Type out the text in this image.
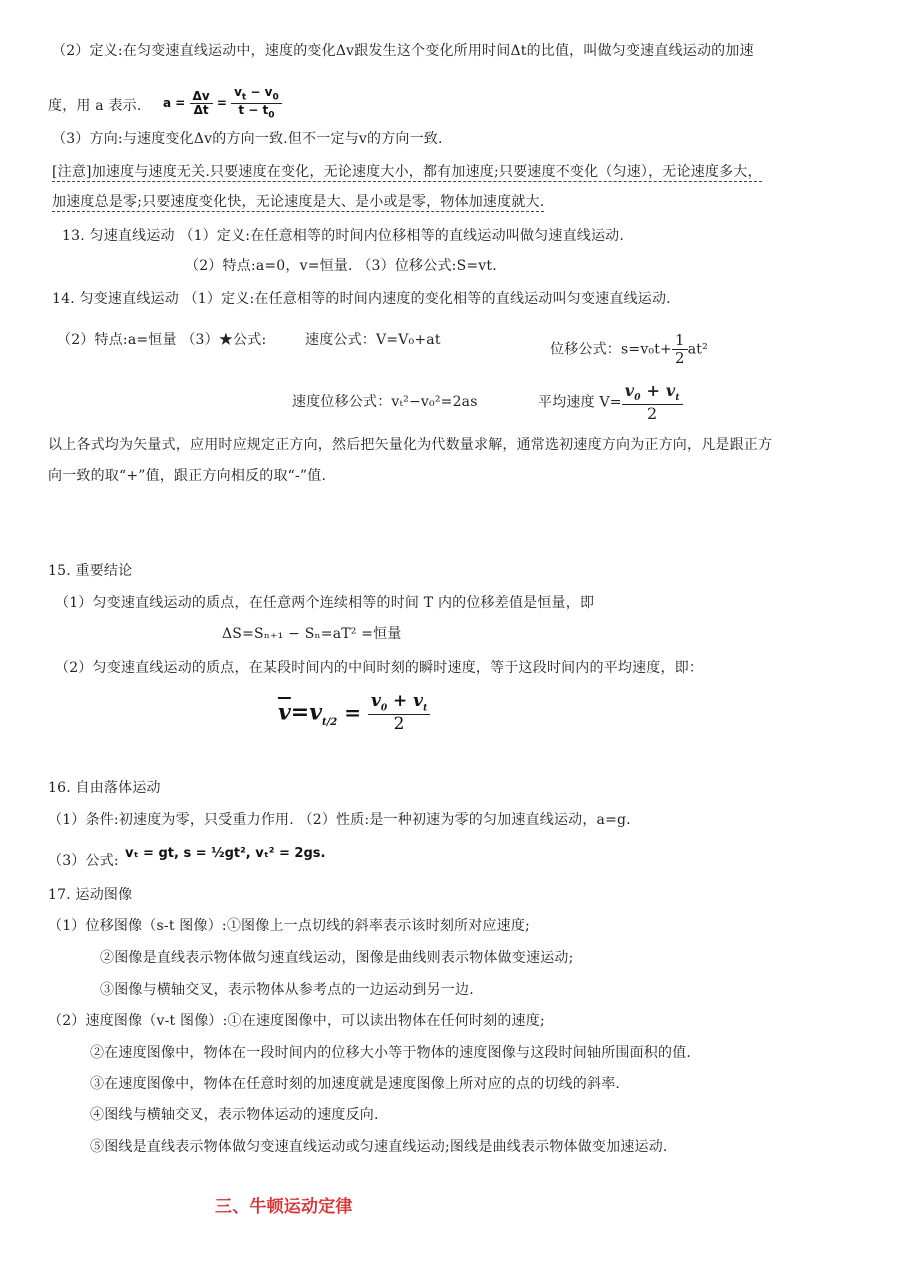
（2）定义:在匀变速直线运动中，速度的变化Δv跟发生这个变化所用时间Δt的比值，叫做匀变速直线运动的加速
度，用 a 表示. $a = \frac{\Delta v}{\Delta t} = \frac{v_t - v_0}{t - t_0}$
（3）方向:与速度变化Δv的方向一致.但不一定与v的方向一致.
[注意]加速度与速度无关.只要速度在变化，无论速度大小，都有加速度;只要速度不变化（匀速），无论速度多大，
加速度总是零;只要速度变化快，无论速度是大、是小或是零，物体加速度就大.
13. 匀速直线运动 （1）定义:在任意相等的时间内位移相等的直线运动叫做匀速直线运动.
（2）特点:a=0，v=恒量. （3）位移公式:S=vt.
14. 匀变速直线运动 （1）定义:在任意相等的时间内速度的变化相等的直线运动叫匀变速直线运动.
（2）特点:a=恒量 （3）★公式:	速度公式：V=V₀+at
位移公式：$s=v_0t+ \frac{1}{2} at^2$
速度位移公式：vₜ²−v₀²=2as	平均速度 $V= \frac{v_0 + v_t}{2}$
以上各式均为矢量式，应用时应规定正方向，然后把矢量化为代数量求解，通常选初速度方向为正方向，凡是跟正方
向一致的取“+”值，跟正方向相反的取“-”值.
15. 重要结论
（1）匀变速直线运动的质点，在任意两个连续相等的时间 T 内的位移差值是恒量，即
ΔS=Sₙ₊₁ − Sₙ=aT² =恒量
（2）匀变速直线运动的质点，在某段时间内的中间时刻的瞬时速度，等于这段时间内的平均速度，即：
$\overline{v}=v_{t/2} = \frac{v_0 + v_t}{2}$
16. 自由落体运动
（1）条件:初速度为零，只受重力作用. （2）性质:是一种初速为零的匀加速直线运动，a=g.
（3）公式: vₜ = gt, s = ½gt², vₜ² = 2gs.
17. 运动图像
（1）位移图像（s-t 图像）:①图像上一点切线的斜率表示该时刻所对应速度;
②图像是直线表示物体做匀速直线运动，图像是曲线则表示物体做变速运动;
③图像与横轴交叉，表示物体从参考点的一边运动到另一边.
（2）速度图像（v-t 图像）:①在速度图像中，可以读出物体在任何时刻的速度;
②在速度图像中，物体在一段时间内的位移大小等于物体的速度图像与这段时间轴所围面积的值.
③在速度图像中，物体在任意时刻的加速度就是速度图像上所对应的点的切线的斜率.
④图线与横轴交叉，表示物体运动的速度反向.
⑤图线是直线表示物体做匀变速直线运动或匀速直线运动;图线是曲线表示物体做变加速运动.
三、牛顿运动定律
